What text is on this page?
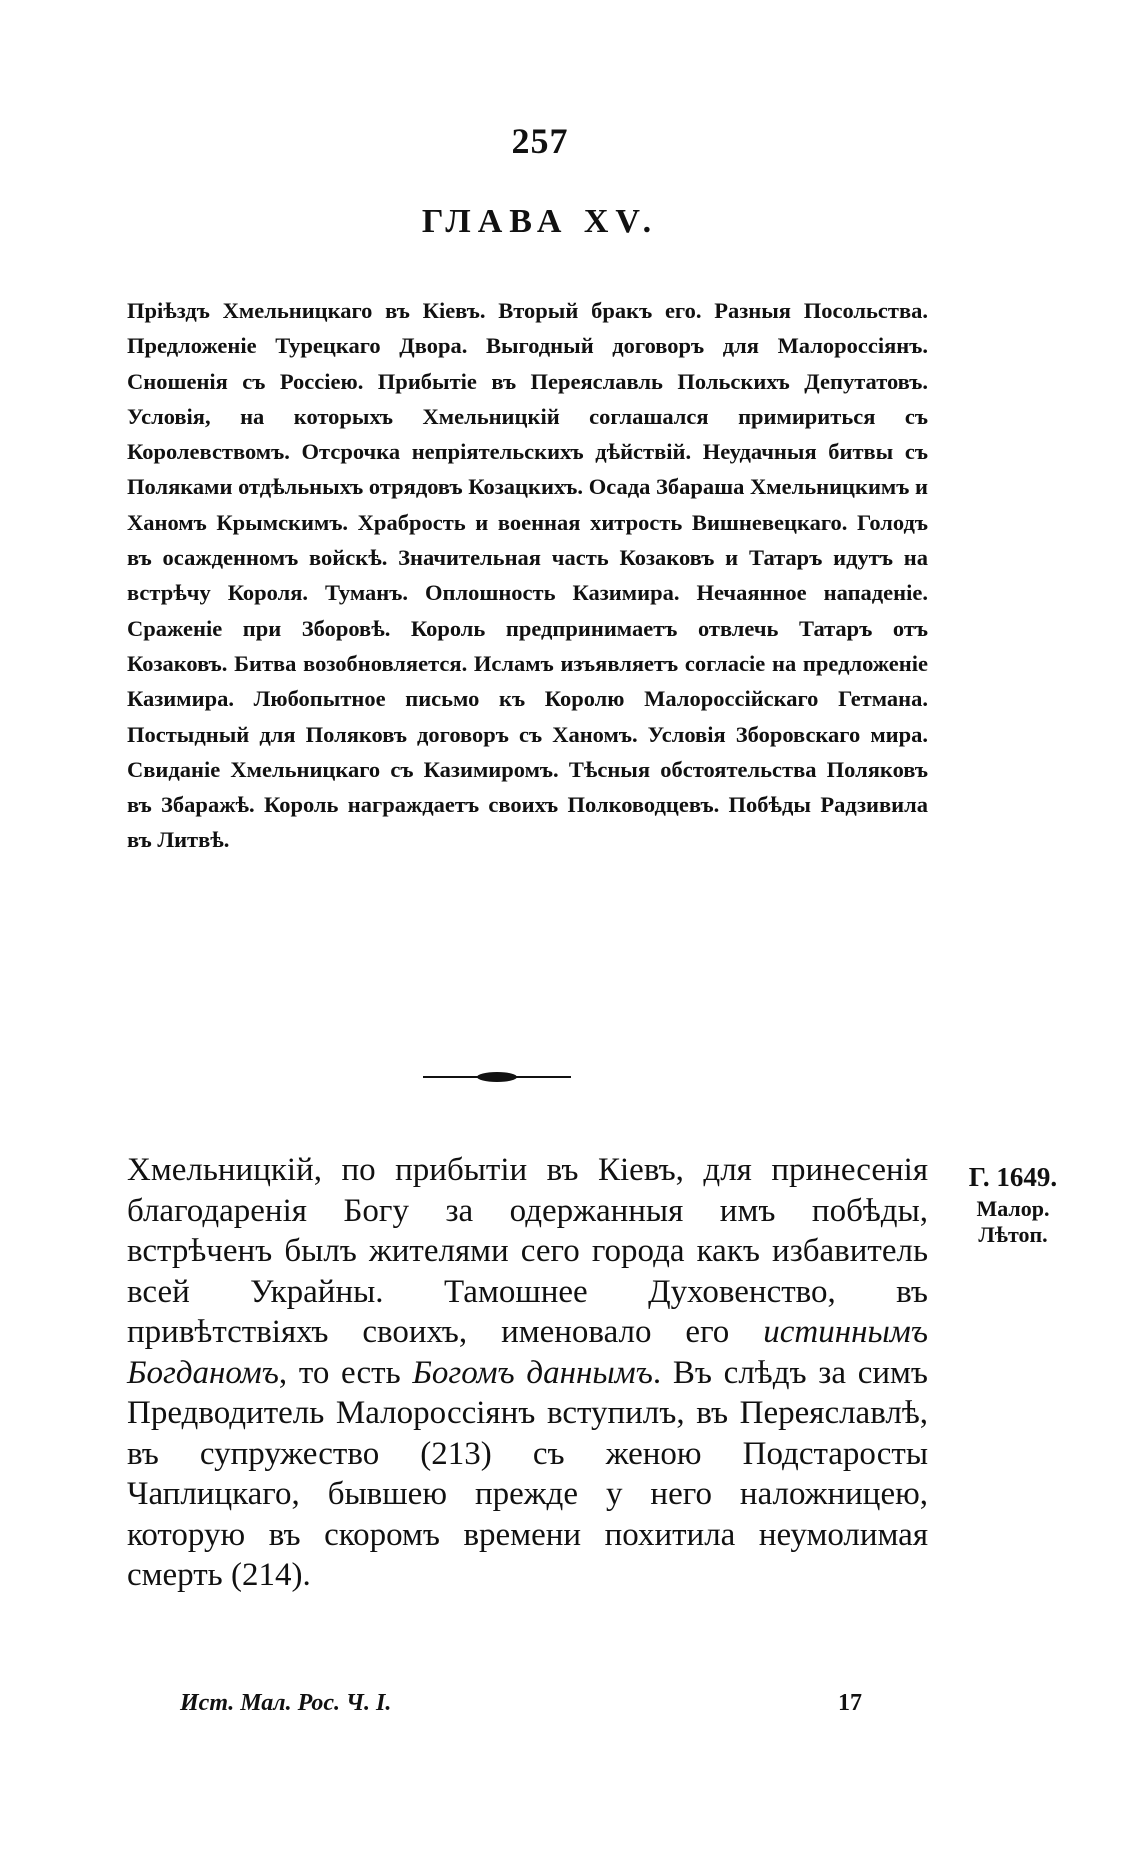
257
ГЛАВА XV.

Прiѣздъ Хмельницкаго въ Кiевъ. Вторый бракъ его. Разныя Посольства. Предложенiе Турецкаго Двора. Выгодный договоръ для Малороссiянъ. Сношенiя съ Россiею. Прибытiе въ Переяславль Польскихъ Депутатовъ. Условiя, на которыхъ Хмельницкiй соглашался примириться съ Королевствомъ. Отсрочка непрiятельскихъ дѣйствiй. Неудачныя битвы съ Поляками отдѣльныхъ отрядовъ Козацкихъ. Осада Збараша Хмельницкимъ и Ханомъ Крымскимъ. Храбрость и военная хитрость Вишневецкаго. Голодъ въ осажденномъ войскѣ. Значительная часть Козаковъ и Татаръ идутъ на встрѣчу Короля. Туманъ. Оплошность Казимира. Нечаянное нападенiе. Сраженiе при Зборовѣ. Король предпринимаетъ отвлечь Татаръ отъ Козаковъ. Битва возобновляется. Исламъ изъявляетъ согласiе на предложенiе Казимира. Любопытное письмо къ Королю Малороссiйскаго Гетмана. Постыдный для Поляковъ договоръ съ Ханомъ. Условiя Зборовскаго мира. Свиданiе Хмельницкаго съ Казимиромъ. Тѣсныя обстоятельства Поляковъ въ Збаражѣ. Король награждаетъ своихъ Полководцевъ. Побѣды Радзивила въ Литвѣ.

Хмельницкiй, по прибытiи въ Кiевъ, для принесенiя благодаренiя Богу за одержанныя имъ побѣды, встрѣченъ былъ жителями сего города какъ избавитель всей Украйны. Тамошнее Духовенство, въ привѣтствiяхъ своихъ, именовало его истиннымъ Богданомъ, то есть Богомъ даннымъ. Въ слѣдъ за симъ Предводитель Малороссiянъ вступилъ, въ Переяславлѣ, въ супружество (213) съ женою Подстаросты Чаплицкаго, бывшею прежде у него наложницею, которую въ скоромъ времени похитила неумолимая смерть (214).

Г. 1649.
Малор.
Лѣтоп.
Ист. Мал. Рос. Ч. I.	17
